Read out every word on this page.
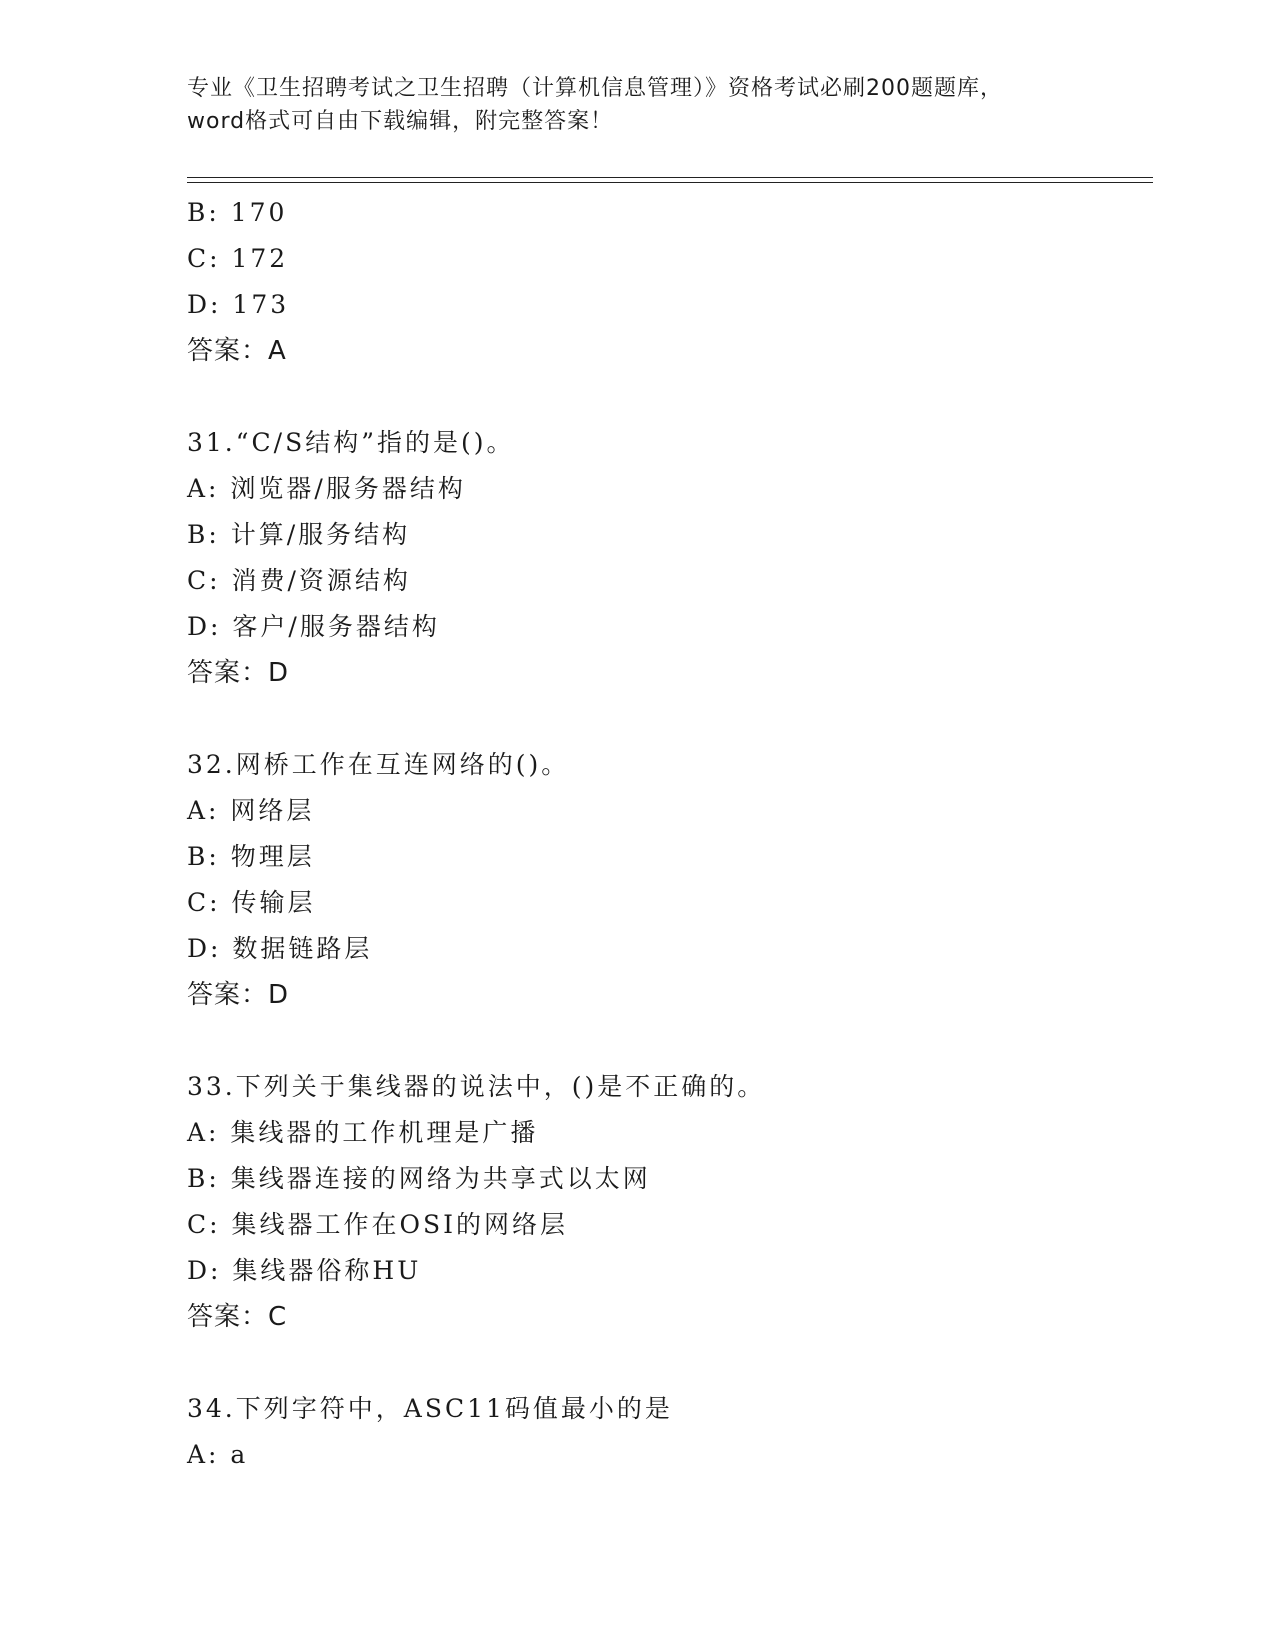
专业《卫生招聘考试之卫生招聘（计算机信息管理）》资格考试必刷200题题库，
word格式可自由下载编辑，附完整答案！
B: 170
C: 172
D: 173
答案：A
31.“C/S结构”指的是()。
A: 浏览器/服务器结构
B: 计算/服务结构
C: 消费/资源结构
D: 客户/服务器结构
答案：D
32.网桥工作在互连网络的()。
A: 网络层
B: 物理层
C: 传输层
D: 数据链路层
答案：D
33.下列关于集线器的说法中，()是不正确的。
A: 集线器的工作机理是广播
B: 集线器连接的网络为共享式以太网
C: 集线器工作在OSI的网络层
D: 集线器俗称HU
答案：C
34.下列字符中，ASC11码值最小的是
A: a
